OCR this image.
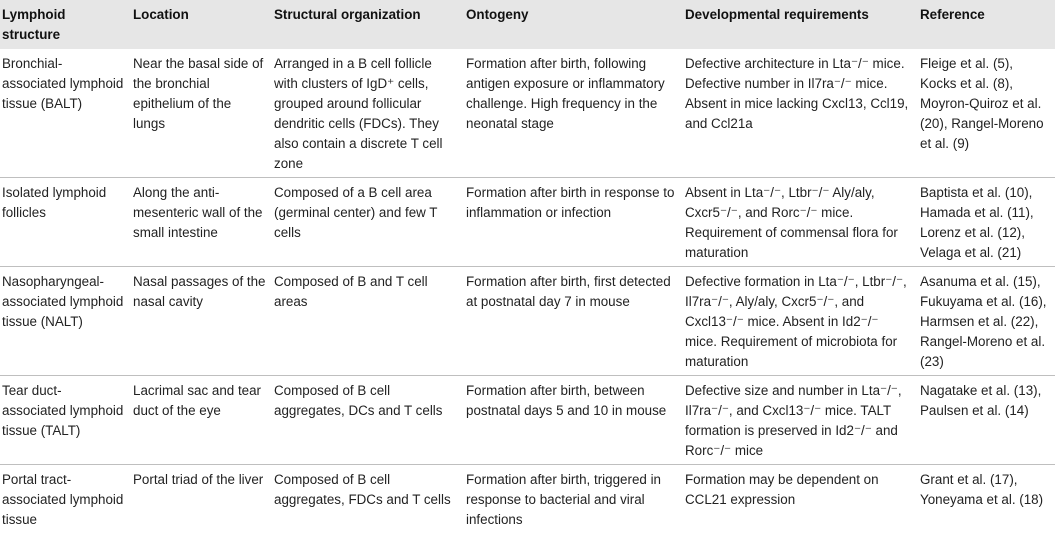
Lymphoid structure	Location	Structural organization	Ontogeny	Developmental requirements	Reference
Bronchial-associated lymphoid tissue (BALT)	Near the basal side of the bronchial epithelium of the lungs	Arranged in a B cell follicle with clusters of IgD⁺ cells, grouped around follicular dendritic cells (FDCs). They also contain a discrete T cell zone	Formation after birth, following antigen exposure or inflammatory challenge. High frequency in the neonatal stage	Defective architecture in Lta⁻/⁻ mice. Defective number in Il7ra⁻/⁻ mice. Absent in mice lacking Cxcl13, Ccl19, and Ccl21a	Fleige et al. (5), Kocks et al. (8), Moyron-Quiroz et al. (20), Rangel-Moreno et al. (9)
Isolated lymphoid follicles	Along the anti-mesenteric wall of the small intestine	Composed of a B cell area (germinal center) and few T cells	Formation after birth in response to inflammation or infection	Absent in Lta⁻/⁻, Ltbr⁻/⁻ Aly/aly, Cxcr5⁻/⁻, and Rorc⁻/⁻ mice. Requirement of commensal flora for maturation	Baptista et al. (10), Hamada et al. (11), Lorenz et al. (12), Velaga et al. (21)
Nasopharyngeal-associated lymphoid tissue (NALT)	Nasal passages of the nasal cavity	Composed of B and T cell areas	Formation after birth, first detected at postnatal day 7 in mouse	Defective formation in Lta⁻/⁻, Ltbr⁻/⁻, Il7ra⁻/⁻, Aly/aly, Cxcr5⁻/⁻, and Cxcl13⁻/⁻ mice. Absent in Id2⁻/⁻ mice. Requirement of microbiota for maturation	Asanuma et al. (15), Fukuyama et al. (16), Harmsen et al. (22), Rangel-Moreno et al. (23)
Tear duct-associated lymphoid tissue (TALT)	Lacrimal sac and tear duct of the eye	Composed of B cell aggregates, DCs and T cells	Formation after birth, between postnatal days 5 and 10 in mouse	Defective size and number in Lta⁻/⁻, Il7ra⁻/⁻, and Cxcl13⁻/⁻ mice. TALT formation is preserved in Id2⁻/⁻ and Rorc⁻/⁻ mice	Nagatake et al. (13), Paulsen et al. (14)
Portal tract-associated lymphoid tissue	Portal triad of the liver	Composed of B cell aggregates, FDCs and T cells	Formation after birth, triggered in response to bacterial and viral infections	Formation may be dependent on CCL21 expression	Grant et al. (17), Yoneyama et al. (18)
